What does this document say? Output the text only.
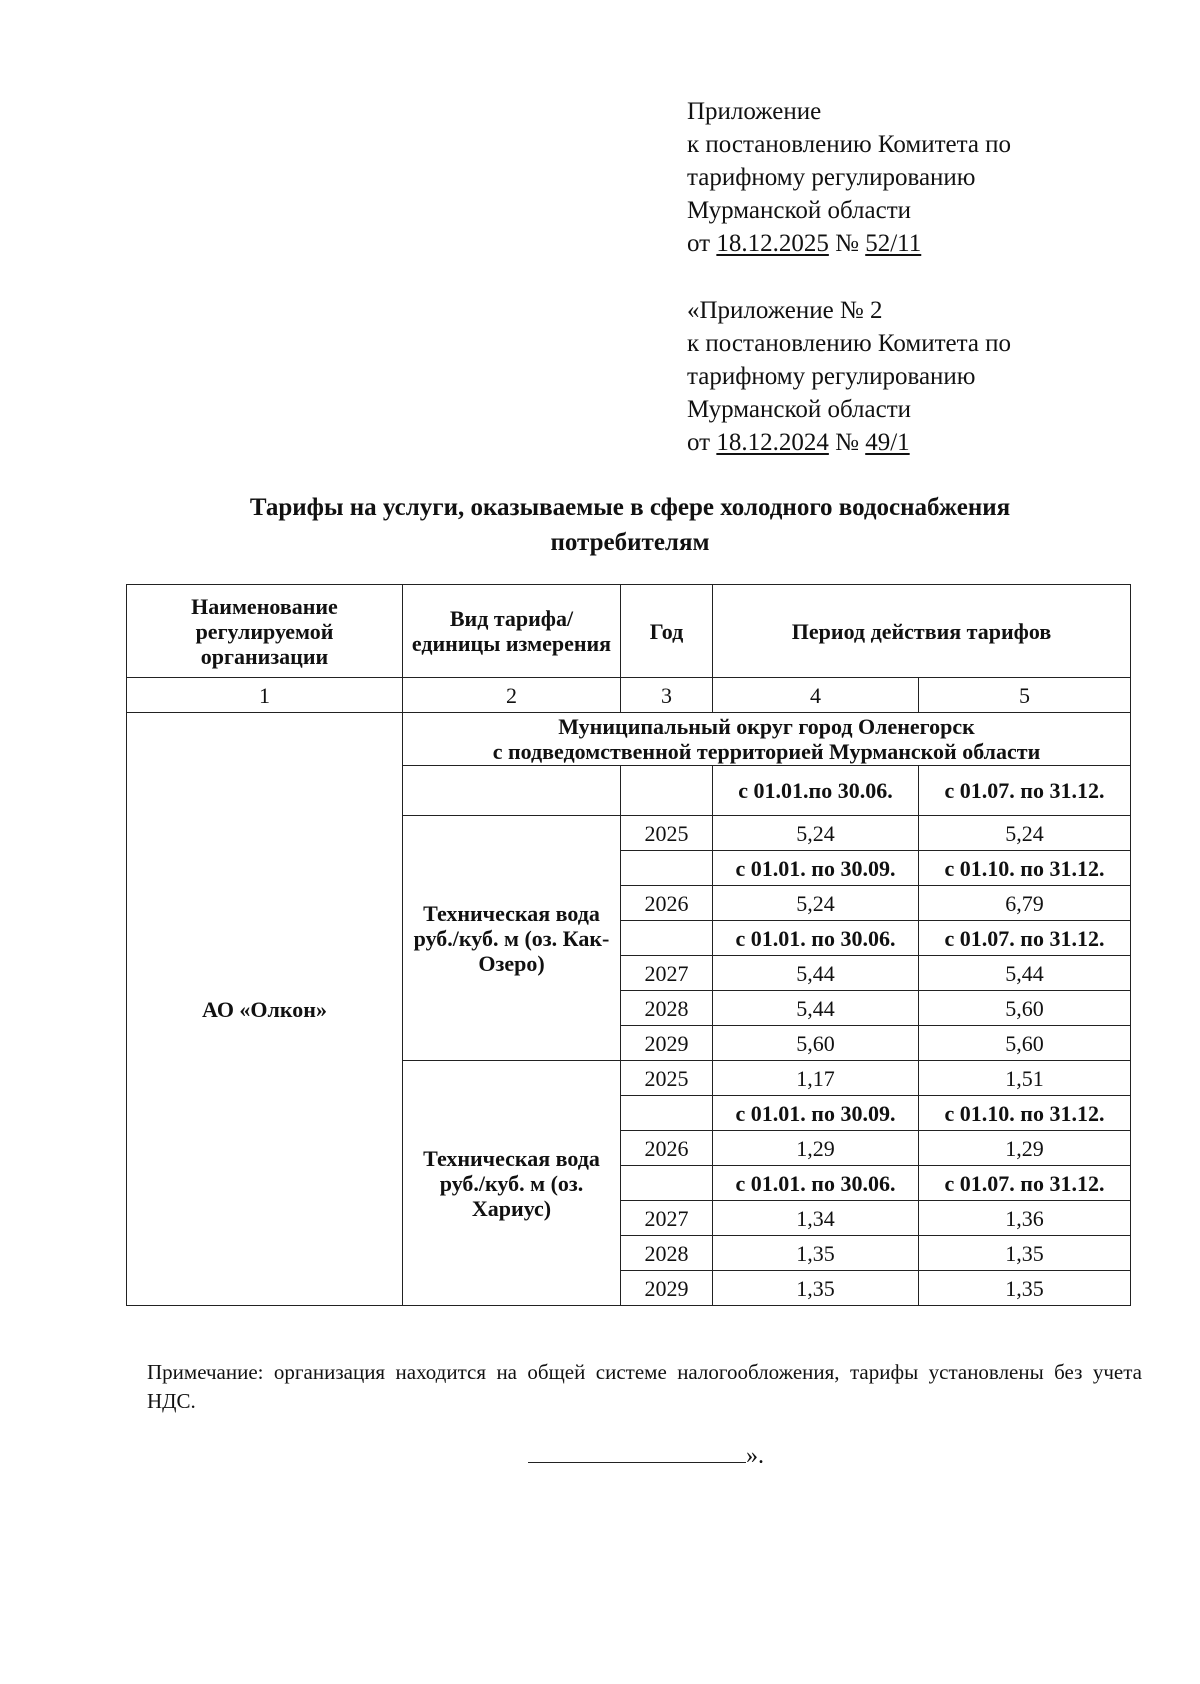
Приложение
к постановлению Комитета по
тарифному регулированию
Мурманской области
от 18.12.2025 № 52/11
«Приложение № 2
к постановлению Комитета по
тарифному регулированию
Мурманской области
от 18.12.2024 № 49/1
Тарифы на услуги, оказываемые в сфере холодного водоснабжения
потребителям
Наименование регулируемой организации	Вид тарифа/единицы измерения	Год	Период действия тарифов	
1	2	3	4	5
АО «Олкон»	Муниципальный округ город Оленегорск
с подведомственной территорией Мурманской области			

			с 01.01.по 30.06.	с 01.07. по 31.12.
	Техническая вода руб./куб. м (оз. Как-Озеро)	2025	5,24	5,24
			с 01.01. по 30.09.	с 01.10. по 31.12.
		2026	5,24	6,79
			с 01.01. по 30.06.	с 01.07. по 31.12.
		2027	5,44	5,44
		2028	5,44	5,60
		2029	5,60	5,60
	Техническая вода руб./куб. м (оз. Хариус)	2025	1,17	1,51
			с 01.01. по 30.09.	с 01.10. по 31.12.
		2026	1,29	1,29
			с 01.01. по 30.06.	с 01.07. по 31.12.
		2027	1,34	1,36
		2028	1,35	1,35
		2029	1,35	1,35
Примечание: организация находится на общей системе налогообложения, тарифы установлены без учета НДС.
».
